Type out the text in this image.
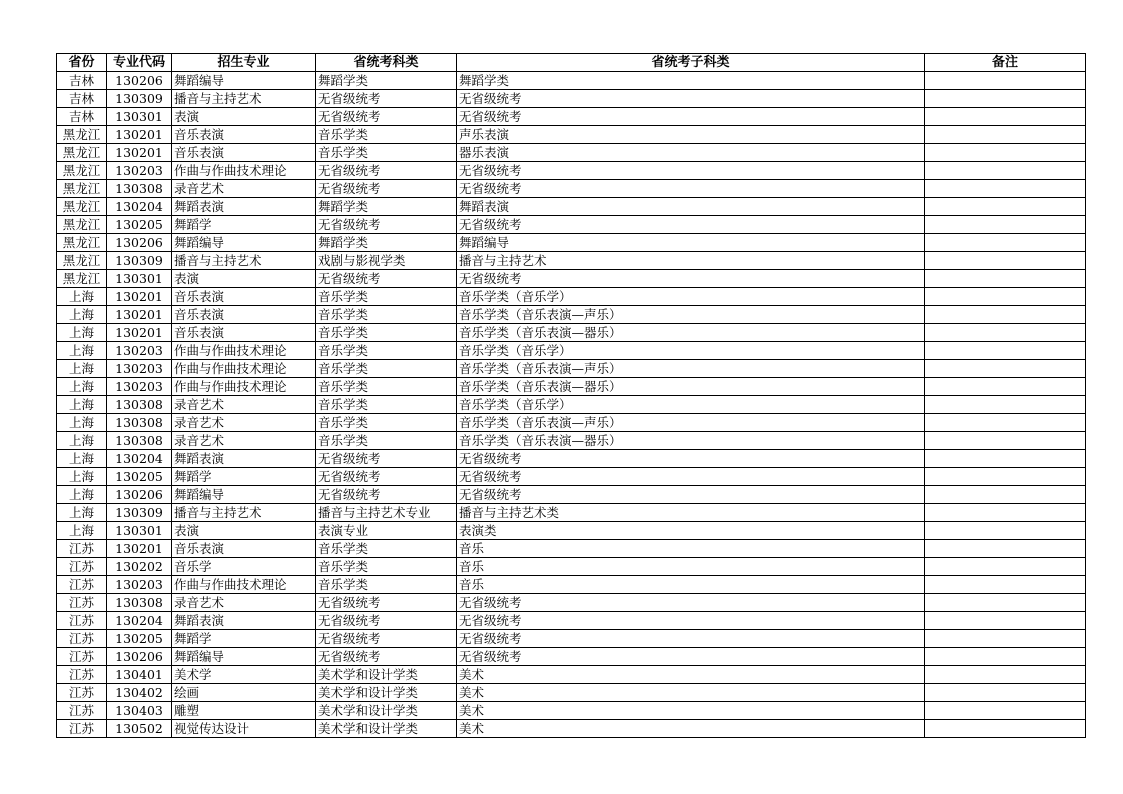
省份	专业代码	招生专业	省统考科类	省统考子科类	备注
吉林	130206	舞蹈编导	舞蹈学类	舞蹈学类	
吉林	130309	播音与主持艺术	无省级统考	无省级统考	
吉林	130301	表演	无省级统考	无省级统考	
黑龙江	130201	音乐表演	音乐学类	声乐表演	
黑龙江	130201	音乐表演	音乐学类	器乐表演	
黑龙江	130203	作曲与作曲技术理论	无省级统考	无省级统考	
黑龙江	130308	录音艺术	无省级统考	无省级统考	
黑龙江	130204	舞蹈表演	舞蹈学类	舞蹈表演	
黑龙江	130205	舞蹈学	无省级统考	无省级统考	
黑龙江	130206	舞蹈编导	舞蹈学类	舞蹈编导	
黑龙江	130309	播音与主持艺术	戏剧与影视学类	播音与主持艺术	
黑龙江	130301	表演	无省级统考	无省级统考	
上海	130201	音乐表演	音乐学类	音乐学类（音乐学）	
上海	130201	音乐表演	音乐学类	音乐学类（音乐表演—声乐）	
上海	130201	音乐表演	音乐学类	音乐学类（音乐表演—器乐）	
上海	130203	作曲与作曲技术理论	音乐学类	音乐学类（音乐学）	
上海	130203	作曲与作曲技术理论	音乐学类	音乐学类（音乐表演—声乐）	
上海	130203	作曲与作曲技术理论	音乐学类	音乐学类（音乐表演—器乐）	
上海	130308	录音艺术	音乐学类	音乐学类（音乐学）	
上海	130308	录音艺术	音乐学类	音乐学类（音乐表演—声乐）	
上海	130308	录音艺术	音乐学类	音乐学类（音乐表演—器乐）	
上海	130204	舞蹈表演	无省级统考	无省级统考	
上海	130205	舞蹈学	无省级统考	无省级统考	
上海	130206	舞蹈编导	无省级统考	无省级统考	
上海	130309	播音与主持艺术	播音与主持艺术专业	播音与主持艺术类	
上海	130301	表演	表演专业	表演类	
江苏	130201	音乐表演	音乐学类	音乐	
江苏	130202	音乐学	音乐学类	音乐	
江苏	130203	作曲与作曲技术理论	音乐学类	音乐	
江苏	130308	录音艺术	无省级统考	无省级统考	
江苏	130204	舞蹈表演	无省级统考	无省级统考	
江苏	130205	舞蹈学	无省级统考	无省级统考	
江苏	130206	舞蹈编导	无省级统考	无省级统考	
江苏	130401	美术学	美术学和设计学类	美术	
江苏	130402	绘画	美术学和设计学类	美术	
江苏	130403	雕塑	美术学和设计学类	美术	
江苏	130502	视觉传达设计	美术学和设计学类	美术	
